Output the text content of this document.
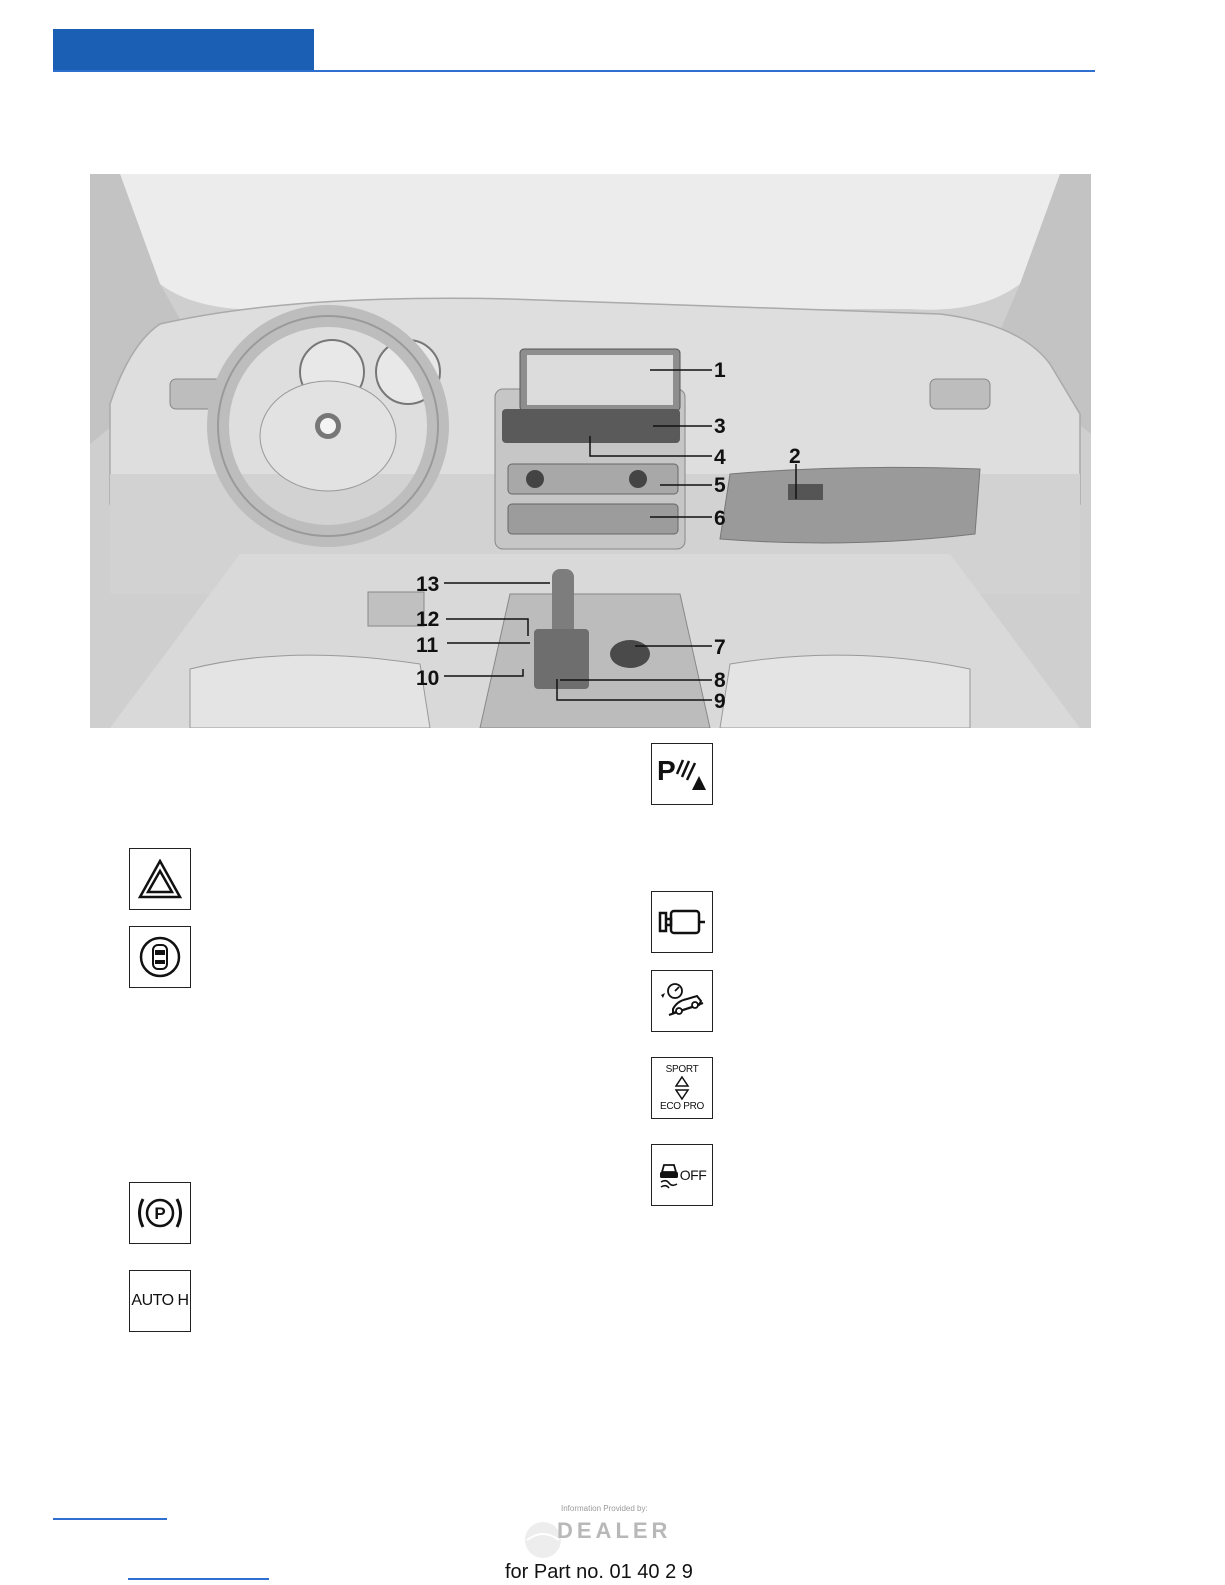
1
3
4	2
5
6
13
12
11	7
10	8
9
P
AUTO H
P
SPORT
ECO PRO
OFF
Information Provided by:
DEALER
for Part no. 01 40 2 9
